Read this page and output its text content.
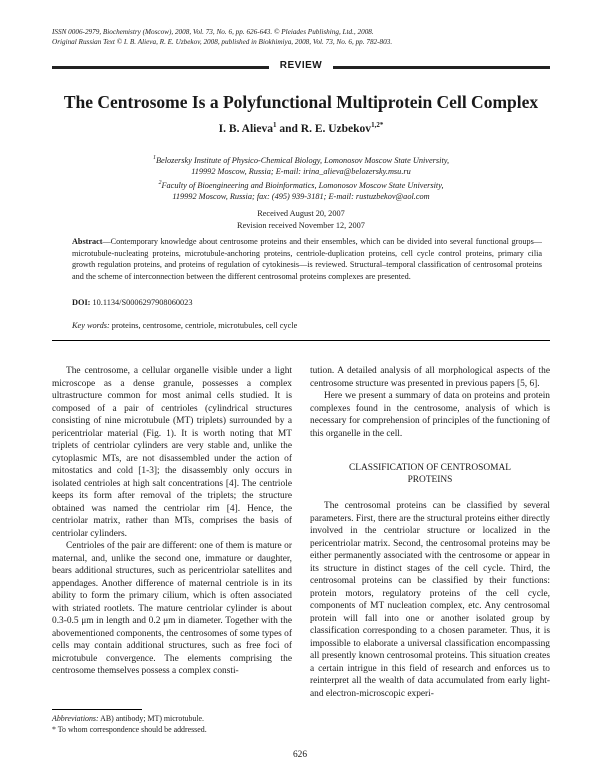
ISSN 0006-2979, Biochemistry (Moscow), 2008, Vol. 73, No. 6, pp. 626-643. © Pleiades Publishing, Ltd., 2008.
Original Russian Text © I. B. Alieva, R. E. Uzbekov, 2008, published in Biokhimiya, 2008, Vol. 73, No. 6, pp. 782-803.
REVIEW
The Centrosome Is a Polyfunctional Multiprotein Cell Complex
I. B. Alieva$^1$ and R. E. Uzbekov$^{1,2*}$
$^1$Belozersky Institute of Physico-Chemical Biology, Lomonosov Moscow State University,
119992 Moscow, Russia; E-mail: irina_alieva@belozersky.msu.ru
$^2$Faculty of Bioengineering and Bioinformatics, Lomonosov Moscow State University,
119992 Moscow, Russia; fax: (495) 939-3181; E-mail: rustuzbekov@aol.com
Received August 20, 2007
Revision received November 12, 2007
Abstract—Contemporary knowledge about centrosome proteins and their ensembles, which can be divided into several functional groups—microtubule-nucleating proteins, microtubule-anchoring proteins, centriole-duplication proteins, cell cycle control proteins, primary cilia growth regulation proteins, and proteins of regulation of cytokinesis—is reviewed. Structural–temporal classification of centrosomal proteins and the scheme of interconnection between the different centrosomal proteins complexes are presented.
DOI: 10.1134/S0006297908060023
Key words: proteins, centrosome, centriole, microtubules, cell cycle

The centrosome, a cellular organelle visible under a light microscope as a dense granule, possesses a complex ultrastructure common for most animal cells studied. It is composed of a pair of centrioles (cylindrical structures consisting of nine microtubule (MT) triplets) surrounded by a pericentriolar material (Fig. 1). It is worth noting that MT triplets of centriolar cylinders are very stable and, unlike the cytoplasmic MTs, are not disassembled under the action of mitostatics and cold [1-3]; the disassembly only occurs in isolated centrioles at high salt concentrations [4]. The centriole keeps its form after removal of the triplets; the structure obtained was named the centriolar rim [4]. Hence, the centriolar matrix, rather than MTs, comprises the basis of centriolar cylinders.

Centrioles of the pair are different: one of them is mature or maternal, and, unlike the second one, immature or daughter, bears additional structures, such as pericentriolar satellites and appendages. Another difference of maternal centriole is in its ability to form the primary cilium, which is often associated with striated rootlets. The mature centriolar cylinder is about 0.3-0.5 μm in length and 0.2 μm in diameter. Together with the abovementioned components, the centrosomes of some types of cells may contain additional structures, such as free foci of microtubule convergence. The elements comprising the centrosome themselves possess a complex consti-

tution. A detailed analysis of all morphological aspects of the centrosome structure was presented in previous papers [5, 6].

Here we present a summary of data on proteins and protein complexes found in the centrosome, analysis of which is necessary for comprehension of principles of the functioning of this organelle in the cell.

CLASSIFICATION OF CENTROSOMAL
PROTEINS

The centrosomal proteins can be classified by several parameters. First, there are the structural proteins either directly involved in the centriolar structure or localized in the pericentriolar matrix. Second, the centrosomal proteins may be either permanently associated with the centrosome or appear in its structure in distinct stages of the cell cycle. Third, the centrosomal proteins can be classified by their functions: protein motors, regulatory proteins of the cell cycle, components of MT nucleation complex, etc. Any centrosomal protein will fall into one or another isolated group by classification corresponding to a chosen parameter. Thus, it is impossible to elaborate a universal classification encompassing all presently known centrosomal proteins. This situation creates a certain intrigue in this field of research and enforces us to reinterpret all the wealth of data accumulated from early light- and electron-microscopic experi-

Abbreviations: AB) antibody; MT) microtubule.
* To whom correspondence should be addressed.
626
